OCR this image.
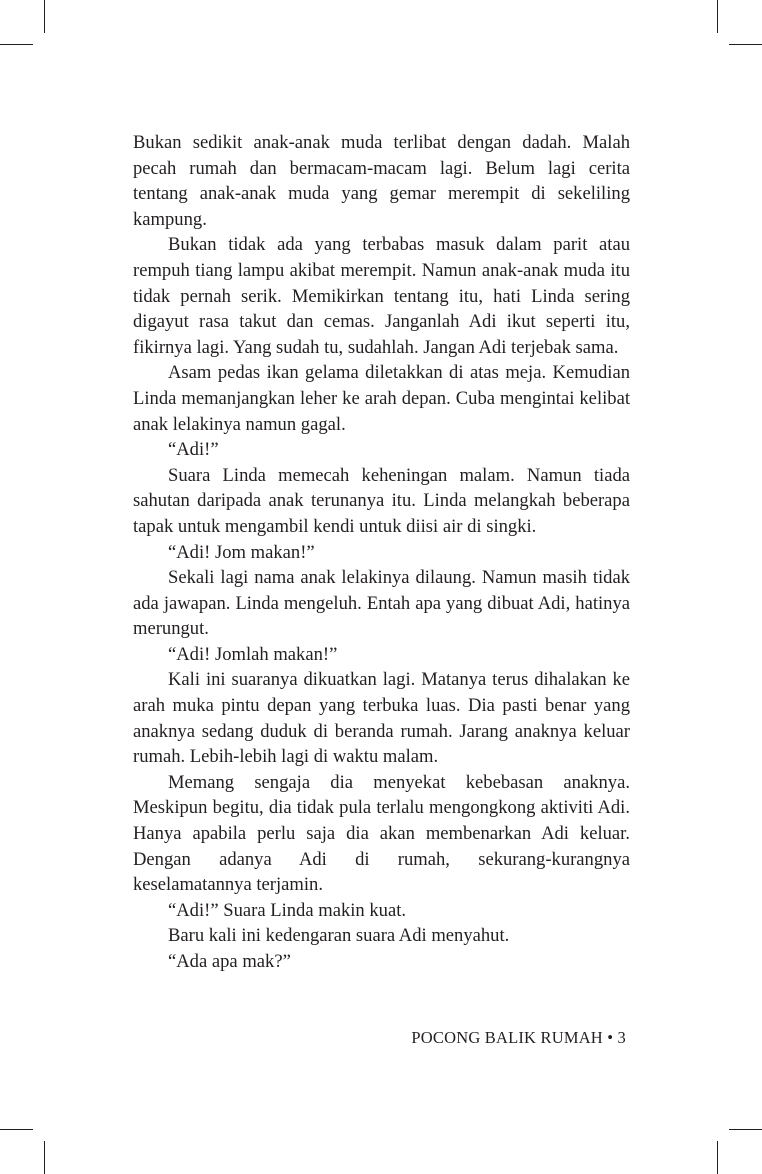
Bukan sedikit anak-anak muda terlibat dengan dadah. Malah pecah rumah dan bermacam-macam lagi. Belum lagi cerita tentang anak-anak muda yang gemar merempit di sekeliling kampung.

Bukan tidak ada yang terbabas masuk dalam parit atau rempuh tiang lampu akibat merempit. Namun anak-anak muda itu tidak pernah serik. Memikirkan tentang itu, hati Linda sering digayut rasa takut dan cemas. Janganlah Adi ikut seperti itu, fikirnya lagi. Yang sudah tu, sudahlah. Jangan Adi terjebak sama.

Asam pedas ikan gelama diletakkan di atas meja. Kemudian Linda memanjangkan leher ke arah depan. Cuba mengintai kelibat anak lelakinya namun gagal.

“Adi!”

Suara Linda memecah keheningan malam. Namun tiada sahutan daripada anak terunanya itu. Linda melangkah beberapa tapak untuk mengambil kendi untuk diisi air di singki.

“Adi! Jom makan!”

Sekali lagi nama anak lelakinya dilaung. Namun masih tidak ada jawapan. Linda mengeluh. Entah apa yang dibuat Adi, hatinya merungut.

“Adi! Jomlah makan!”

Kali ini suaranya dikuatkan lagi. Matanya terus dihalakan ke arah muka pintu depan yang terbuka luas. Dia pasti benar yang anaknya sedang duduk di beranda rumah. Jarang anaknya keluar rumah. Lebih-lebih lagi di waktu malam.

Memang sengaja dia menyekat kebebasan anaknya. Meskipun begitu, dia tidak pula terlalu mengongkong aktiviti Adi. Hanya apabila perlu saja dia akan membenarkan Adi keluar. Dengan adanya Adi di rumah, sekurang-kurangnya keselamatannya terjamin.

“Adi!” Suara Linda makin kuat.

Baru kali ini kedengaran suara Adi menyahut.

“Ada apa mak?”

POCONG BALIK RUMAH • 3
